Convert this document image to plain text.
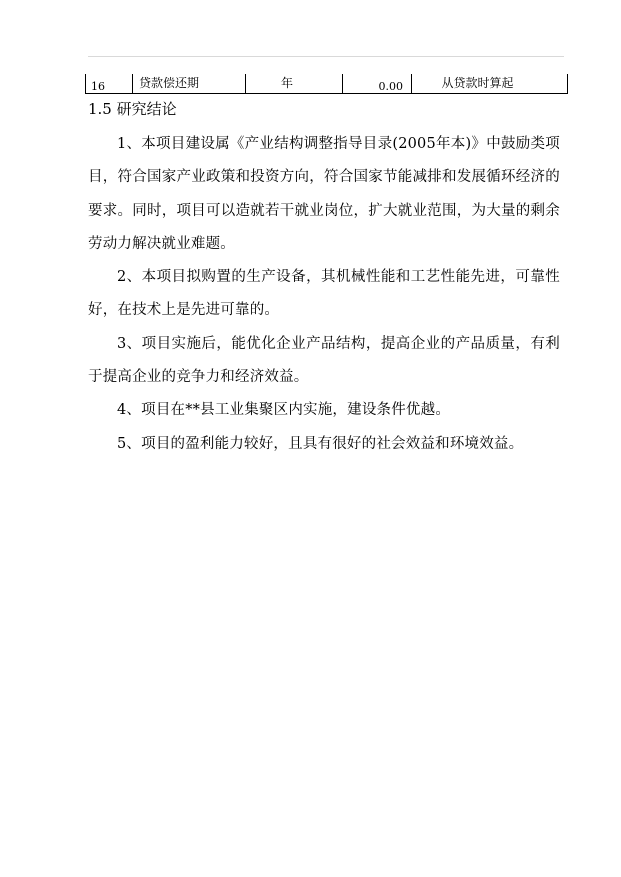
16	贷款偿还期	年	0.00	从贷款时算起
1.5 研究结论

1、本项目建设属《产业结构调整指导目录(2005年本)》中鼓励类项目，符合国家产业政策和投资方向，符合国家节能减排和发展循环经济的要求。同时，项目可以造就若干就业岗位，扩大就业范围，为大量的剩余劳动力解决就业难题。

2、本项目拟购置的生产设备，其机械性能和工艺性能先进，可靠性好，在技术上是先进可靠的。

3、项目实施后，能优化企业产品结构，提高企业的产品质量，有利于提高企业的竞争力和经济效益。

4、项目在**县工业集聚区内实施，建设条件优越。

5、项目的盈利能力较好，且具有很好的社会效益和环境效益。
